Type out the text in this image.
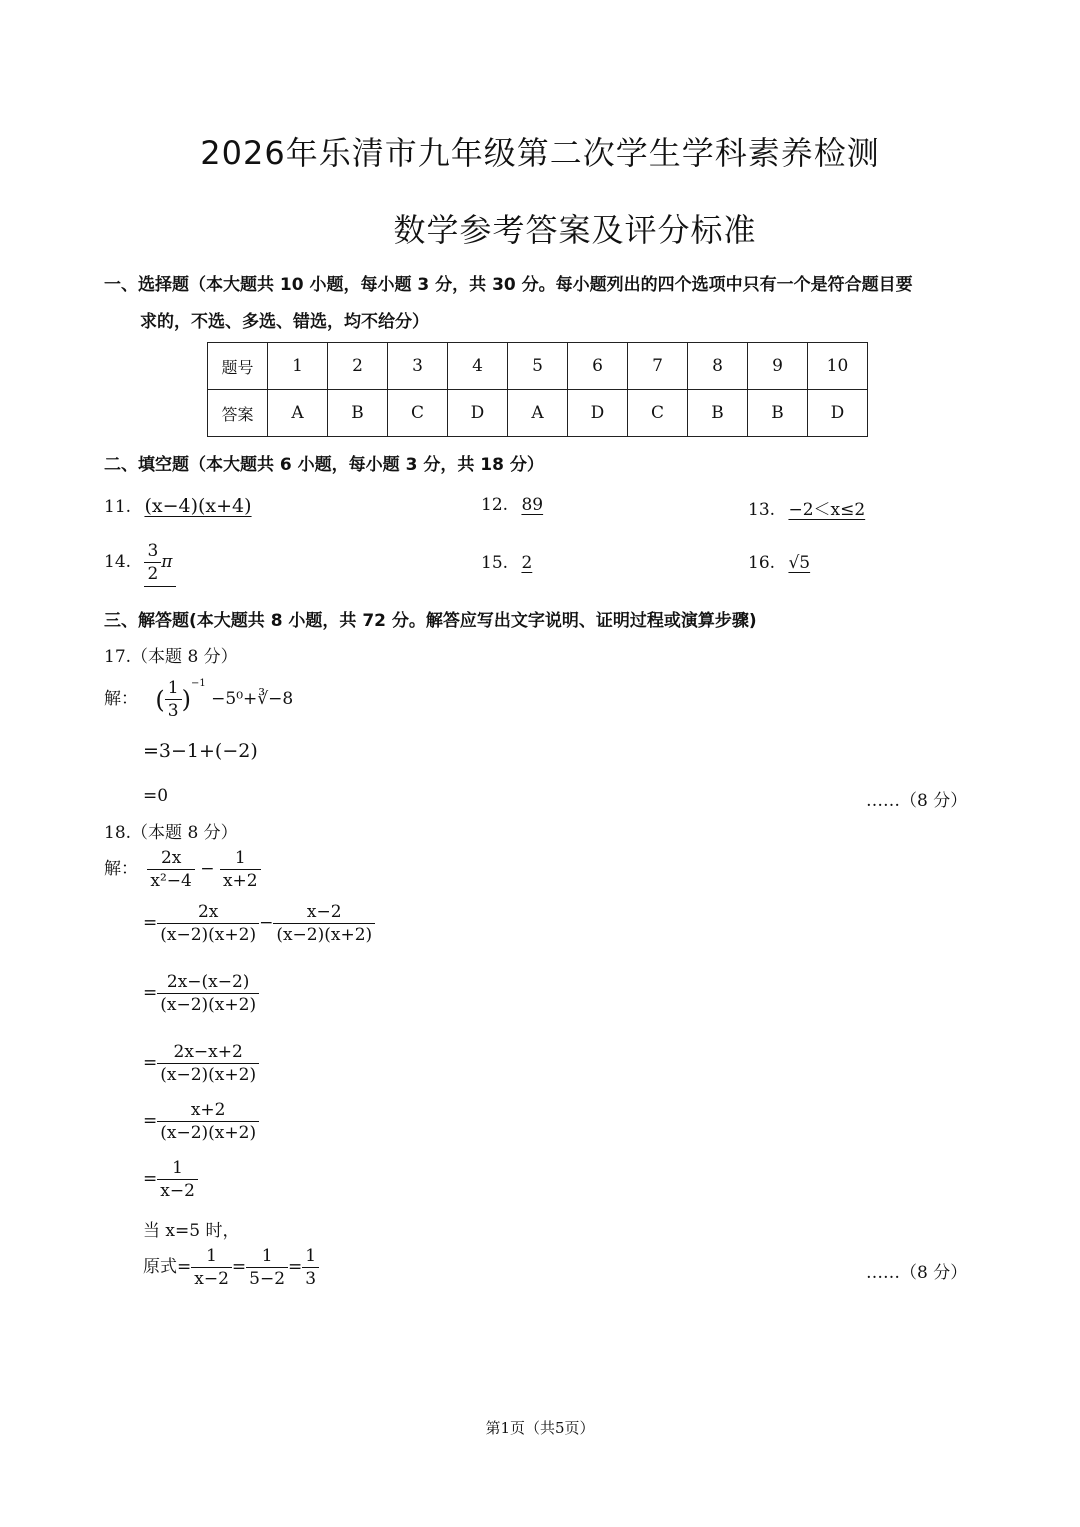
2026年乐清市九年级第二次学生学科素养检测
数学参考答案及评分标准
一、选择题（本大题共 10 小题，每小题 3 分，共 30 分。每小题列出的四个选项中只有一个是符合题目要
求的，不选、多选、错选，均不给分）
题号	1	2	3	4	5	6	7	8	9	10
答案	A	B	C	D	A	D	C	B	B	D
二、填空题（本大题共 6 小题，每小题 3 分，共 18 分）
11. (x−4)(x+4)	12. 89	13. −2＜x≤2
14. $\frac{3}{2}$ π	15. 2	16. √5
三、解答题(本大题共 8 小题，共 72 分。解答应写出文字说明、证明过程或演算步骤)
17.（本题 8 分）
解： ( $\frac{1}{3} )^{-1}$ −5⁰+∛−8
=3−1+(−2)
=0	……（8 分）
18.（本题 8 分）
解： $\frac{2x}{\text{x²−4}} - \frac{1}{x+2}$
= $\frac{2x}{(x-2)(x+2)} - \frac{x-2}{(x-2)(x+2)}$
= $\frac{2x-(x-2)}{(x-2)(x+2)}$
= $\frac{2x-x+2}{(x-2)(x+2)}$
= $\frac{x+2}{(x-2)(x+2)}$
= $\frac{1}{x-2}$
当 x=5 时，
原式= $\frac{1}{x-2} = \frac{1}{5-2} = \frac{1}{3}$	……（8 分）
第1页（共5页）
